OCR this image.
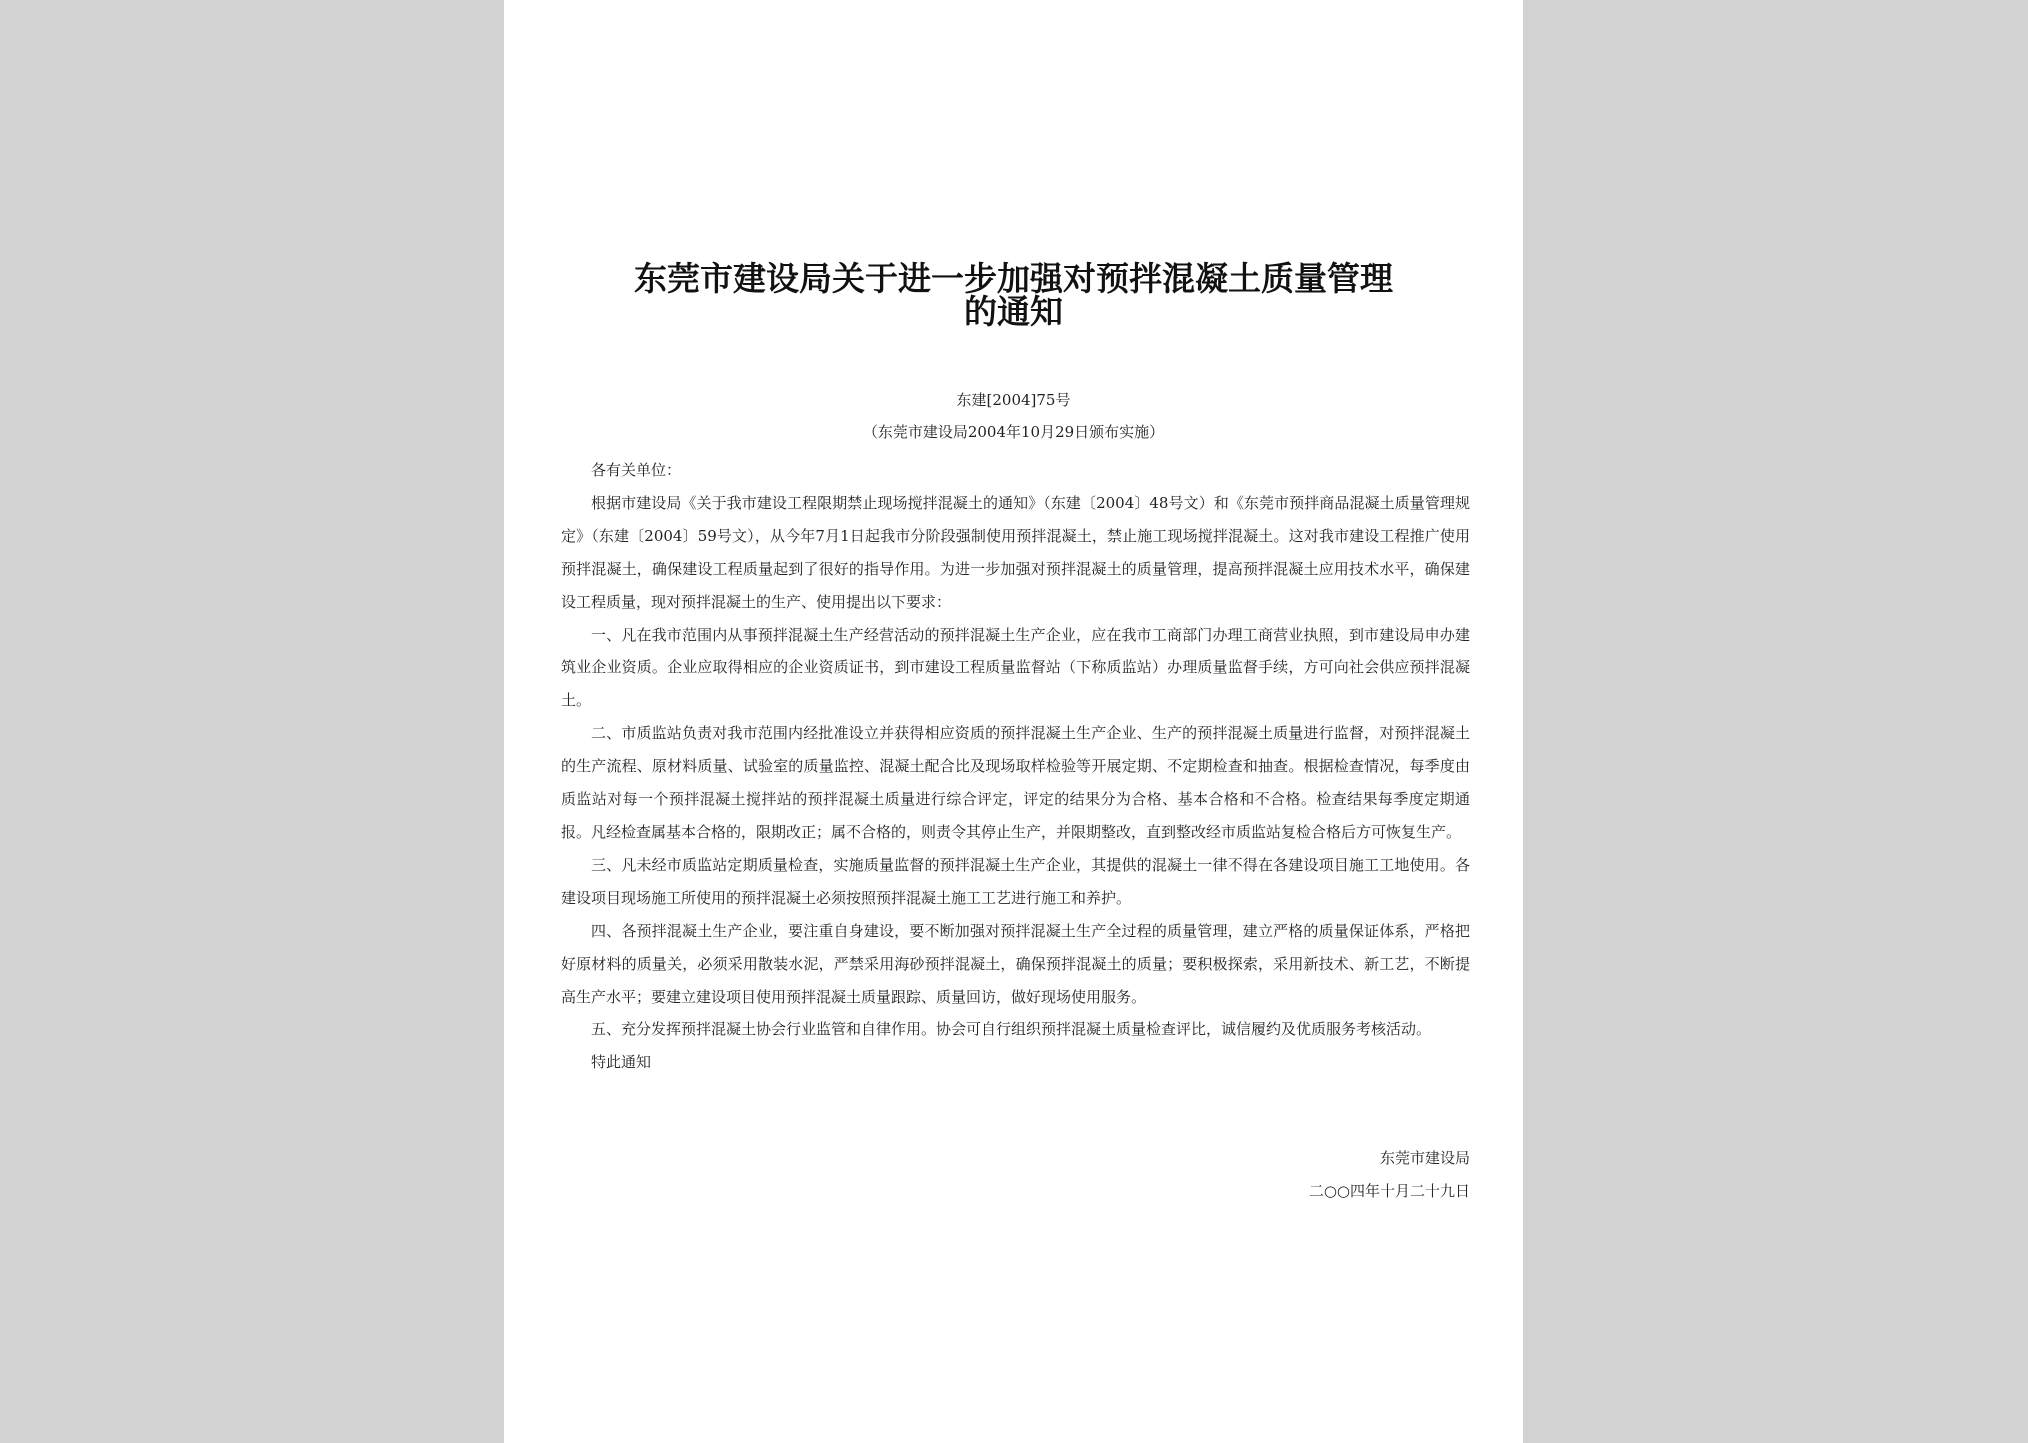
东莞市建设局关于进一步加强对预拌混凝土质量管理
的通知
东建[2004]75号
（东莞市建设局2004年10月29日颁布实施）

各有关单位：

根据市建设局《关于我市建设工程限期禁止现场搅拌混凝土的通知》（东建〔2004〕48号文）和《东莞市预拌商品混凝土质量管理规定》（东建〔2004〕59号文），从今年7月1日起我市分阶段强制使用预拌混凝土，禁止施工现场搅拌混凝土。这对我市建设工程推广使用预拌混凝土，确保建设工程质量起到了很好的指导作用。为进一步加强对预拌混凝土的质量管理，提高预拌混凝土应用技术水平，确保建设工程质量，现对预拌混凝土的生产、使用提出以下要求：

一、凡在我市范围内从事预拌混凝土生产经营活动的预拌混凝土生产企业，应在我市工商部门办理工商营业执照，到市建设局申办建筑业企业资质。企业应取得相应的企业资质证书，到市建设工程质量监督站（下称质监站）办理质量监督手续，方可向社会供应预拌混凝土。

二、市质监站负责对我市范围内经批准设立并获得相应资质的预拌混凝土生产企业、生产的预拌混凝土质量进行监督，对预拌混凝土的生产流程、原材料质量、试验室的质量监控、混凝土配合比及现场取样检验等开展定期、不定期检查和抽查。根据检查情况，每季度由质监站对每一个预拌混凝土搅拌站的预拌混凝土质量进行综合评定，评定的结果分为合格、基本合格和不合格。检查结果每季度定期通报。凡经检查属基本合格的，限期改正；属不合格的，则责令其停止生产，并限期整改，直到整改经市质监站复检合格后方可恢复生产。

三、凡未经市质监站定期质量检查，实施质量监督的预拌混凝土生产企业，其提供的混凝土一律不得在各建设项目施工工地使用。各建设项目现场施工所使用的预拌混凝土必须按照预拌混凝土施工工艺进行施工和养护。

四、各预拌混凝土生产企业，要注重自身建设，要不断加强对预拌混凝土生产全过程的质量管理，建立严格的质量保证体系，严格把好原材料的质量关，必须采用散装水泥，严禁采用海砂预拌混凝土，确保预拌混凝土的质量；要积极探索，采用新技术、新工艺，不断提高生产水平；要建立建设项目使用预拌混凝土质量跟踪、质量回访，做好现场使用服务。

五、充分发挥预拌混凝土协会行业监管和自律作用。协会可自行组织预拌混凝土质量检查评比，诚信履约及优质服务考核活动。

特此通知

东莞市建设局
二○○四年十月二十九日
